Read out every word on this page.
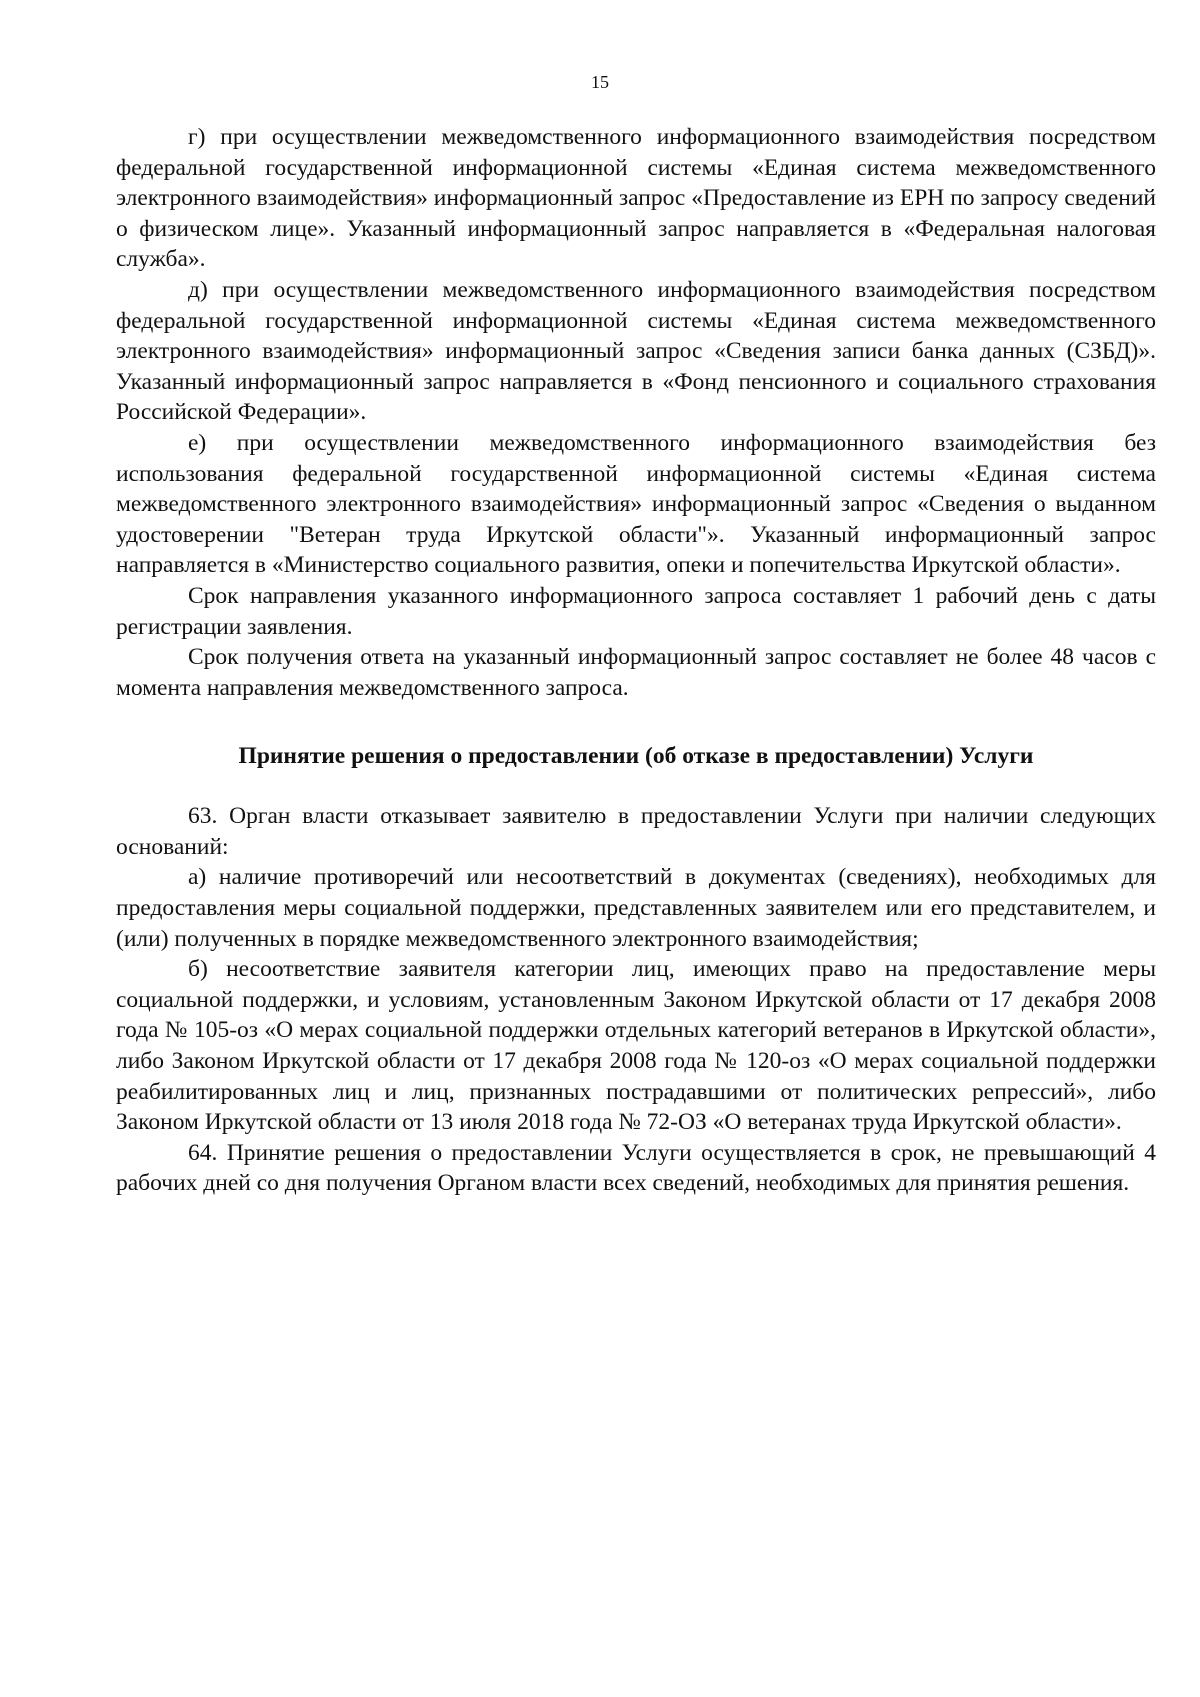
15

г) при осуществлении межведомственного информационного взаимодействия посредством федеральной государственной информационной системы «Единая система межведомственного электронного взаимодействия» информационный запрос «Предоставление из ЕРН по запросу сведений о физическом лице». Указанный информационный запрос направляется в «Федеральная налоговая служба».

д) при осуществлении межведомственного информационного взаимодействия посредством федеральной государственной информационной системы «Единая система межведомственного электронного взаимодействия» информационный запрос «Сведения записи банка данных (СЗБД)». Указанный информационный запрос направляется в «Фонд пенсионного и социального страхования Российской Федерации».

е) при осуществлении межведомственного информационного взаимодействия без использования федеральной государственной информационной системы «Единая система межведомственного электронного взаимодействия» информационный запрос «Сведения о выданном удостоверении "Ветеран труда Иркутской области"». Указанный информационный запрос направляется в «Министерство социального развития, опеки и попечительства Иркутской области».

Срок направления указанного информационного запроса составляет 1 рабочий день с даты регистрации заявления.

Срок получения ответа на указанный информационный запрос составляет не более 48 часов с момента направления межведомственного запроса.

Принятие решения о предоставлении (об отказе в предоставлении) Услуги

63. Орган власти отказывает заявителю в предоставлении Услуги при наличии следующих оснований:

а) наличие противоречий или несоответствий в документах (сведениях), необходимых для предоставления меры социальной поддержки, представленных заявителем или его представителем, и (или) полученных в порядке межведомственного электронного взаимодействия;

б) несоответствие заявителя категории лиц, имеющих право на предоставление меры социальной поддержки, и условиям, установленным Законом Иркутской области от 17 декабря 2008 года № 105-оз «О мерах социальной поддержки отдельных категорий ветеранов в Иркутской области», либо Законом Иркутской области от 17 декабря 2008 года № 120-оз «О мерах социальной поддержки реабилитированных лиц и лиц, признанных пострадавшими от политических репрессий», либо Законом Иркутской области от 13 июля 2018 года № 72-ОЗ «О ветеранах труда Иркутской области».

64. Принятие решения о предоставлении Услуги осуществляется в срок, не превышающий 4 рабочих дней со дня получения Органом власти всех сведений, необходимых для принятия решения.
